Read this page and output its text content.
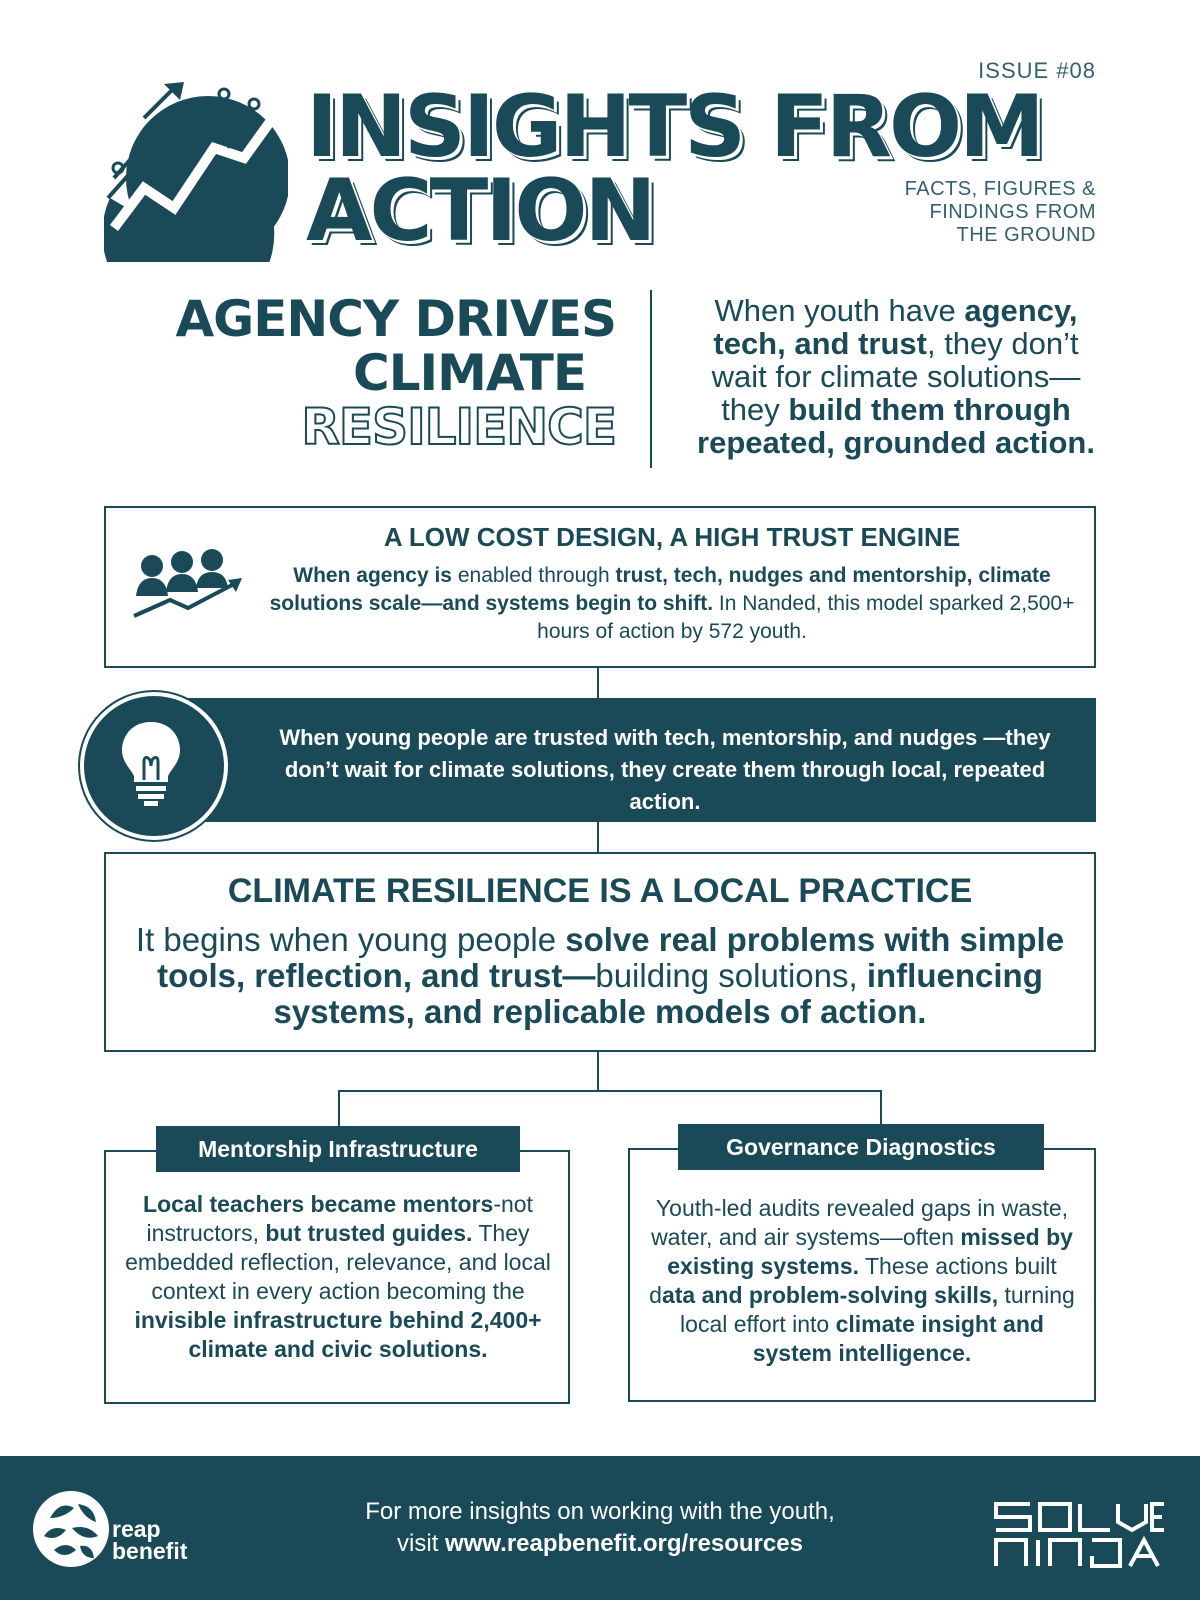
ISSUE #08
INSIGHTS FROM
ACTION	FACTS, FIGURES &
FINDINGS FROM
THE GROUND
AGENCY DRIVES
CLIMATE
RESILIENCE
When youth have agency, tech, and trust, they don’t wait for climate solutions—they build them through repeated, grounded action.
A LOW COST DESIGN, A HIGH TRUST ENGINE
When agency is enabled through trust, tech, nudges and mentorship, climate solutions scale—and systems begin to shift. In Nanded, this model sparked 2,500+ hours of action by 572 youth.
When young people are trusted with tech, mentorship, and nudges —they don’t wait for climate solutions, they create them through local, repeated action.
CLIMATE RESILIENCE IS A LOCAL PRACTICE
It begins when young people solve real problems with simple tools, reflection, and trust—building solutions, influencing systems, and replicable models of action.
Mentorship Infrastructure
Local teachers became mentors-not instructors, but trusted guides. They embedded reflection, relevance, and local context in every action becoming the invisible infrastructure behind 2,400+ climate and civic solutions.
Governance Diagnostics
Youth-led audits revealed gaps in waste, water, and air systems—often missed by existing systems. These actions built data and problem-solving skills, turning local effort into climate insight and system intelligence.
reap
benefit
For more insights on working with the youth,
visit www.reapbenefit.org/resources
